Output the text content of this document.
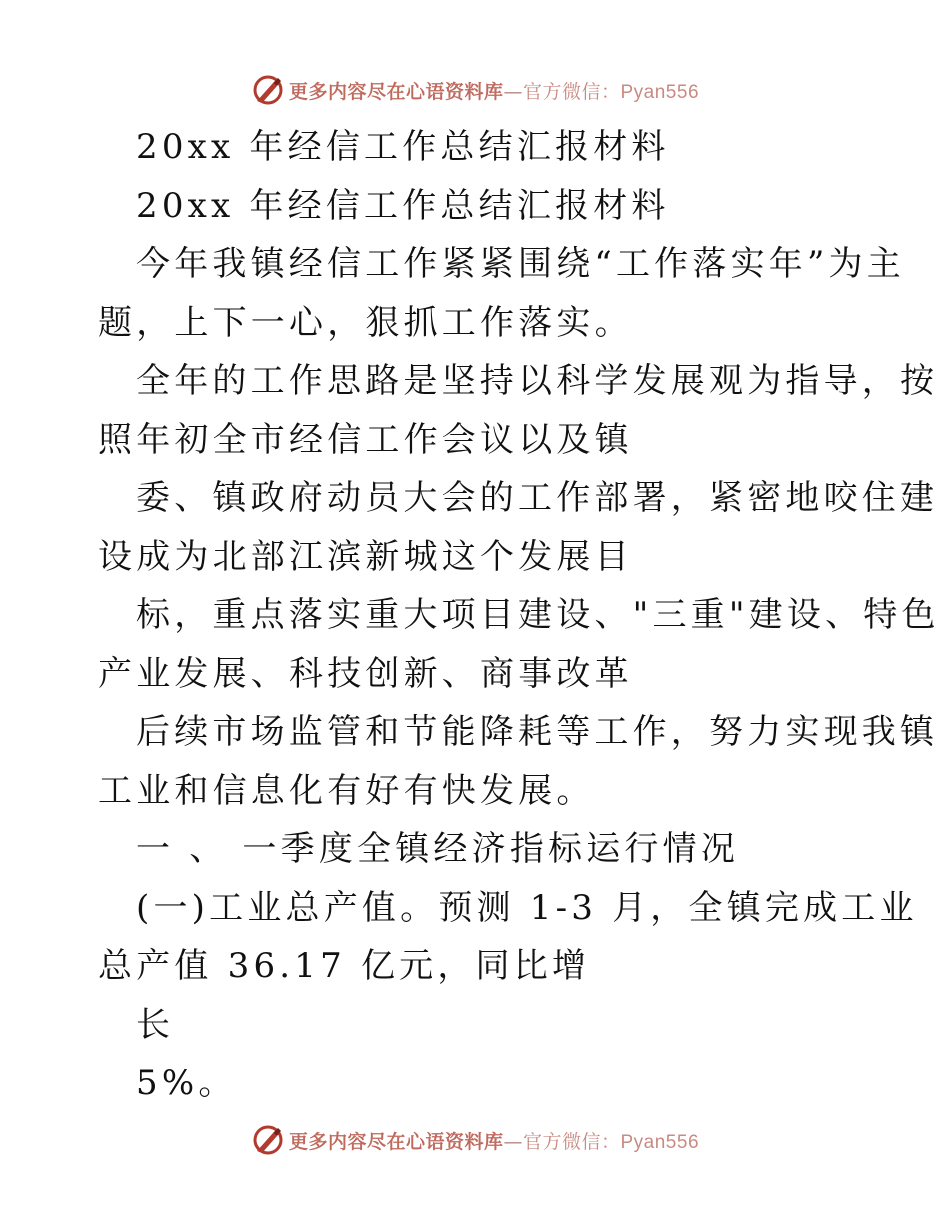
更多内容尽在心语资料库—官方微信：Pyan556
20xx 年经信工作总结汇报材料
20xx 年经信工作总结汇报材料
今年我镇经信工作紧紧围绕“工作落实年”为主
题，上下一心，狠抓工作落实。
全年的工作思路是坚持以科学发展观为指导，按
照年初全市经信工作会议以及镇
委、镇政府动员大会的工作部署，紧密地咬住建
设成为北部江滨新城这个发展目
标，重点落实重大项目建设、"三重"建设、特色
产业发展、科技创新、商事改革
后续市场监管和节能降耗等工作，努力实现我镇
工业和信息化有好有快发展。
一 、 一季度全镇经济指标运行情况
(一)工业总产值。预测 1-3 月，全镇完成工业
总产值 36.17 亿元，同比增
长
5%。
更多内容尽在心语资料库—官方微信：Pyan556
